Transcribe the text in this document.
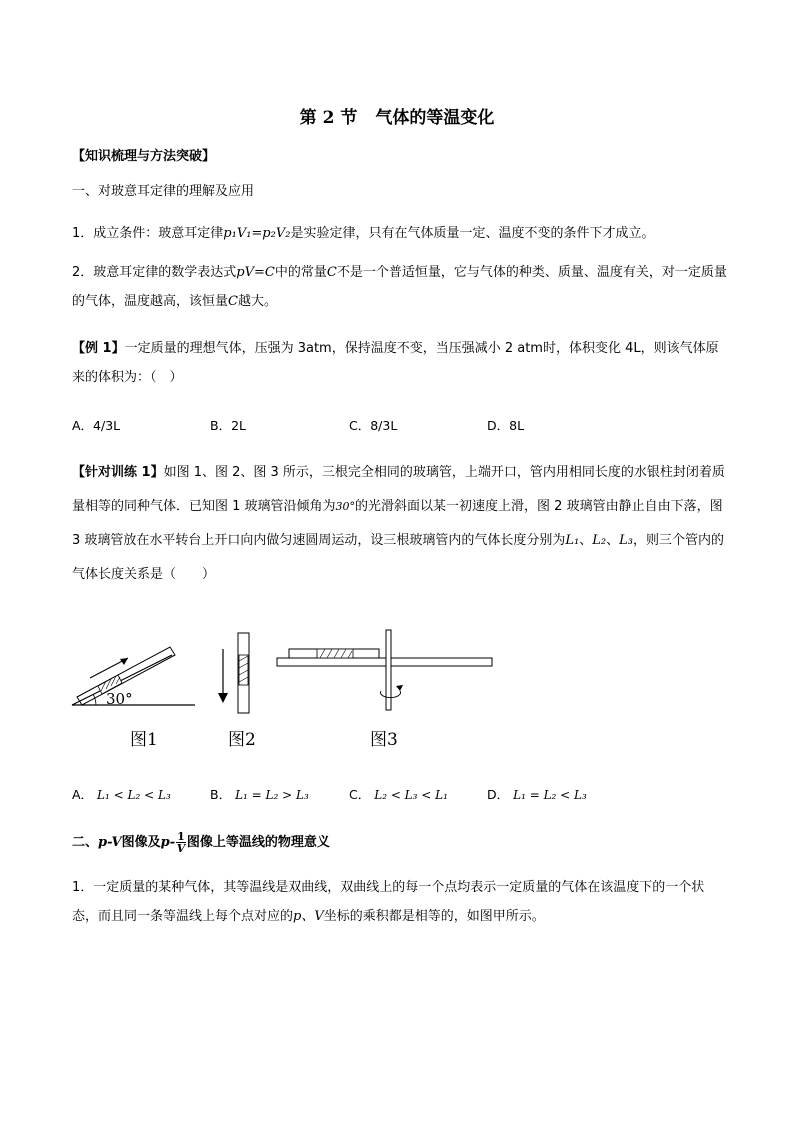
第 2 节 气体的等温变化

【知识梳理与方法突破】

一、对玻意耳定律的理解及应用

1．成立条件：玻意耳定律p₁V₁=p₂V₂是实验定律，只有在气体质量一定、温度不变的条件下才成立。

2．玻意耳定律的数学表达式pV=C中的常量C不是一个普适恒量，它与气体的种类、质量、温度有关，对一定质量的气体，温度越高，该恒量C越大。

【例 1】一定质量的理想气体，压强为 3atm，保持温度不变，当压强减小 2 atm时，体积变化 4L，则该气体原来的体积为：（　）

A．4/3L	B．2L	C．8/3L	D．8L

【针对训练 1】如图 1、图 2、图 3 所示，三根完全相同的玻璃管，上端开口，管内用相同长度的水银柱封闭着质量相等的同种气体．已知图 1 玻璃管沿倾角为30°的光滑斜面以某一初速度上滑，图 2 玻璃管由静止自由下落，图 3 玻璃管放在水平转台上开口向内做匀速圆周运动，设三根玻璃管内的气体长度分别为L₁、L₂、L₃，则三个管内的气体长度关系是（　　）

30°
图1	图2	图3
A． L₁ < L₂ < L₃	B． L₁ = L₂ > L₃	C． L₂ < L₃ < L₁	D． L₁ = L₂ < L₃

二、p-V图像及$p- \frac{1}{V}$ 图像上等温线的物理意义

1．一定质量的某种气体，其等温线是双曲线，双曲线上的每一个点均表示一定质量的气体在该温度下的一个状态，而且同一条等温线上每个点对应的p、V坐标的乘积都是相等的，如图甲所示。
